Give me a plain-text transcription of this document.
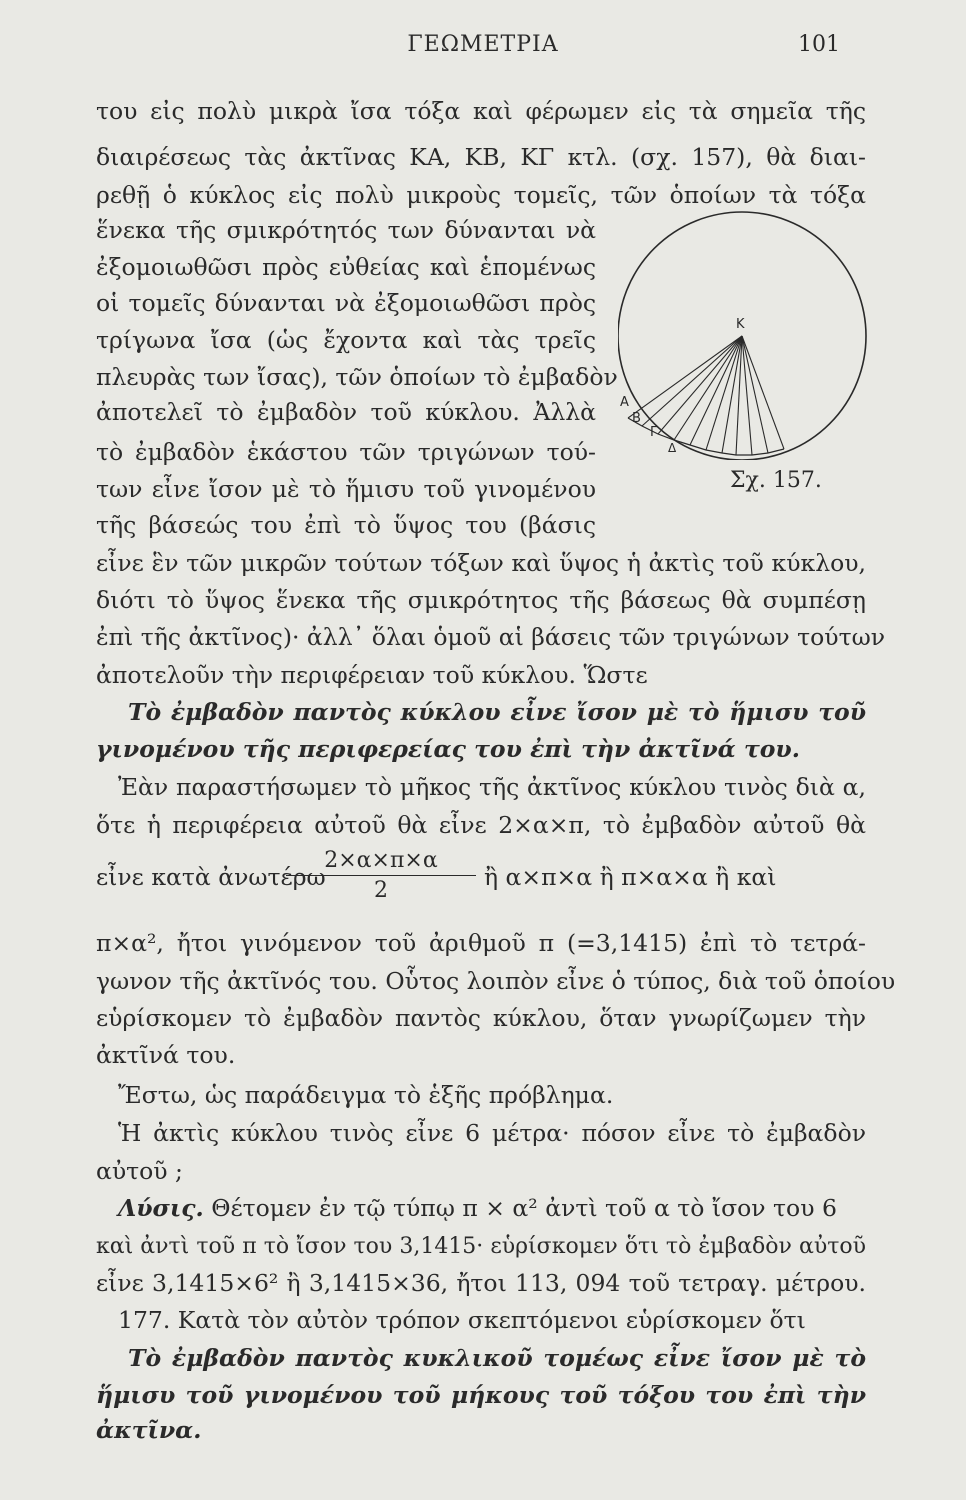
ΓΕΩΜΕΤΡΙΑ	101
του εἰς πολὺ μικρὰ ἴσα τόξα καὶ φέρωμεν εἰς τὰ σημεῖα τῆς
διαιρέσεως τὰς ἀκτῖνας ΚΑ, ΚΒ, ΚΓ κτλ. (σχ. 157), θὰ διαι-
ρεθῇ ὁ κύκλος εἰς πολὺ μικροὺς τομεῖς, τῶν ὁποίων τὰ τόξα
ἕνεκα τῆς σμικρότητός των δύνανται νὰ
ἐξομοιωθῶσι πρὸς εὐθείας καὶ ἑπομένως
οἱ τομεῖς δύνανται νὰ ἐξομοιωθῶσι πρὸς
τρίγωνα ἴσα (ὡς ἔχοντα καὶ τὰς τρεῖς
πλευρὰς των ἴσας), τῶν ὁποίων τὸ ἐμβαδὸν
ἀποτελεῖ τὸ ἐμβαδὸν τοῦ κύκλου. Ἀλλὰ
τὸ ἐμβαδὸν ἑκάστου τῶν τριγώνων τού-
των εἶνε ἴσον μὲ τὸ ἥμισυ τοῦ γινομένου
τῆς βάσεώς του ἐπὶ τὸ ὕψος του (βάσις
Κ
Α
Β
Γ
Δ
Σχ. 157.
εἶνε ἓν τῶν μικρῶν τούτων τόξων καὶ ὕψος ἡ ἀκτὶς τοῦ κύκλου,
διότι τὸ ὕψος ἕνεκα τῆς σμικρότητος τῆς βάσεως θὰ συμπέσῃ
ἐπὶ τῆς ἀκτῖνος)· ἀλλ᾽ ὅλαι ὁμοῦ αἱ βάσεις τῶν τριγώνων τούτων
ἀποτελοῦν τὴν περιφέρειαν τοῦ κύκλου. Ὥστε
Τὸ ἐμβαδὸν παντὸς κύκλου εἶνε ἴσον μὲ τὸ ἥμισυ τοῦ
γινομένου τῆς περιφερείας του ἐπὶ τὴν ἀκτῖνά του.
Ἐὰν παραστήσωμεν τὸ μῆκος τῆς ἀκτῖνος κύκλου τινὸς διὰ α,
ὅτε ἡ περιφέρεια αὐτοῦ θὰ εἶνε 2×α×π, τὸ ἐμβαδὸν αὐτοῦ θὰ
εἶνε κατὰ ἀνωτέρω
2×α×π×α
2	ἢ α×π×α ἢ π×α×α ἢ καὶ
π×α², ἤτοι γινόμενον τοῦ ἀριθμοῦ π (=3,1415) ἐπὶ τὸ τετρά-
γωνον τῆς ἀκτῖνός του. Οὗτος λοιπὸν εἶνε ὁ τύπος, διὰ τοῦ ὁποίου
εὑρίσκομεν τὸ ἐμβαδὸν παντὸς κύκλου, ὅταν γνωρίζωμεν τὴν
ἀκτῖνά του.
Ἔστω, ὡς παράδειγμα τὸ ἑξῆς πρόβλημα.
Ἡ ἀκτὶς κύκλου τινὸς εἶνε 6 μέτρα· πόσον εἶνε τὸ ἐμβαδὸν
αὐτοῦ ;
Λύσις. Θέτομεν ἐν τῷ τύπῳ π × α² ἀντὶ τοῦ α τὸ ἴσον του 6
καὶ ἀντὶ τοῦ π τὸ ἴσον του 3,1415· εὑρίσκομεν ὅτι τὸ ἐμβαδὸν αὐτοῦ
εἶνε 3,1415×6² ἢ 3,1415×36, ἤτοι 113, 094 τοῦ τετραγ. μέτρου.
177. Κατὰ τὸν αὐτὸν τρόπον σκεπτόμενοι εὑρίσκομεν ὅτι
Τὸ ἐμβαδὸν παντὸς κυκλικοῦ τομέως εἶνε ἴσον μὲ τὸ
ἥμισυ τοῦ γινομένου τοῦ μήκους τοῦ τόξου του ἐπὶ τὴν
ἀκτῖνα.
